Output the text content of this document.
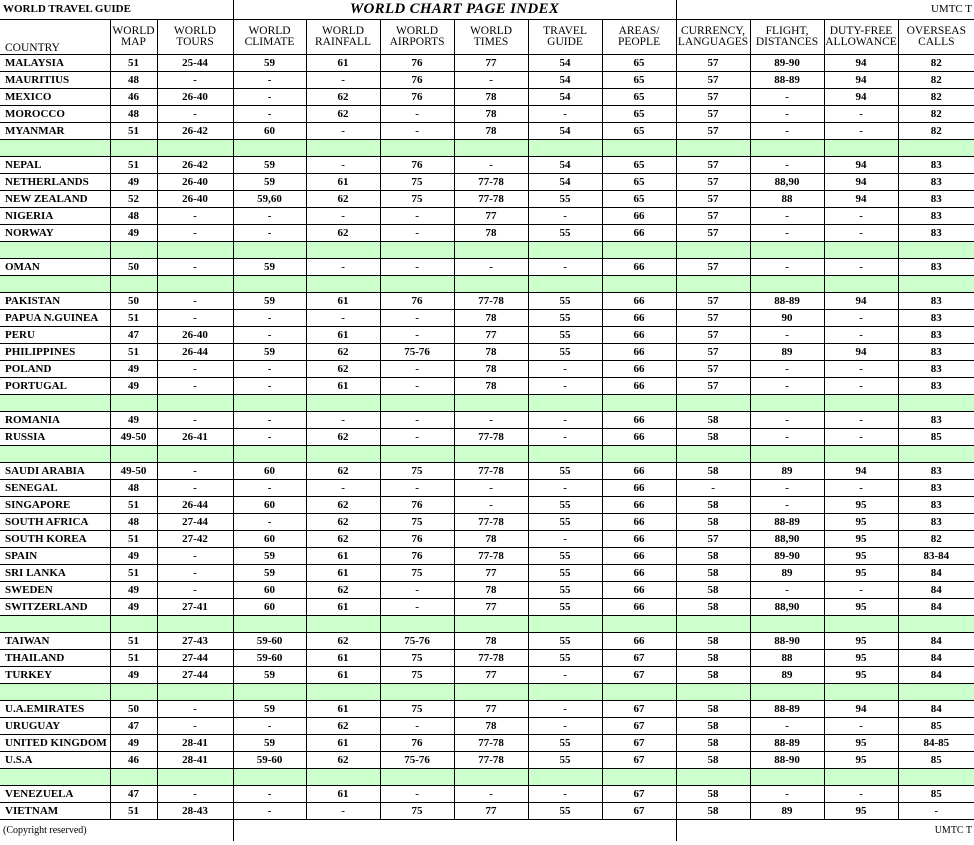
WORLD TRAVEL GUIDE			WORLD CHART PAGE INDEX						UMTC T			
	WORLD	WORLD	WORLD	WORLD	WORLD	WORLD	TRAVEL	AREAS/	CURRENCY,	FLIGHT,	DUTY-FREE	OVERSEAS
COUNTRY	MAP	TOURS	CLIMATE	RAINFALL	AIRPORTS	TIMES	GUIDE	PEOPLE	LANGUAGES	DISTANCES	ALLOWANCE	CALLS
MALAYSIA	51	25-44	59	61	76	77	54	65	57	89-90	94	82
MAURITIUS	48	-	-	-	76	-	54	65	57	88-89	94	82
MEXICO	46	26-40	-	62	76	78	54	65	57	-	94	82
MOROCCO	48	-	-	62	-	78	-	65	57	-	-	82
MYANMAR	51	26-42	60	-	-	78	54	65	57	-	-	82

NEPAL	51	26-42	59	-	76	-	54	65	57	-	94	83
NETHERLANDS	49	26-40	59	61	75	77-78	54	65	57	88,90	94	83
NEW ZEALAND	52	26-40	59,60	62	75	77-78	55	65	57	88	94	83
NIGERIA	48	-	-	-	-	77	-	66	57	-	-	83
NORWAY	49	-	-	62	-	78	55	66	57	-	-	83

OMAN	50	-	59	-	-	-	-	66	57	-	-	83

PAKISTAN	50	-	59	61	76	77-78	55	66	57	88-89	94	83
PAPUA N.GUINEA	51	-	-	-	-	78	55	66	57	90	-	83
PERU	47	26-40	-	61	-	77	55	66	57	-	-	83
PHILIPPINES	51	26-44	59	62	75-76	78	55	66	57	89	94	83
POLAND	49	-	-	62	-	78	-	66	57	-	-	83
PORTUGAL	49	-	-	61	-	78	-	66	57	-	-	83

ROMANIA	49	-	-	-	-	-	-	66	58	-	-	83
RUSSIA	49-50	26-41	-	62	-	77-78	-	66	58	-	-	85

SAUDI ARABIA	49-50	-	60	62	75	77-78	55	66	58	89	94	83
SENEGAL	48	-	-	-	-	-	-	66	-	-	-	83
SINGAPORE	51	26-44	60	62	76	-	55	66	58	-	95	83
SOUTH AFRICA	48	27-44	-	62	75	77-78	55	66	58	88-89	95	83
SOUTH KOREA	51	27-42	60	62	76	78	-	66	57	88,90	95	82
SPAIN	49	-	59	61	76	77-78	55	66	58	89-90	95	83-84
SRI LANKA	51	-	59	61	75	77	55	66	58	89	95	84
SWEDEN	49	-	60	62	-	78	55	66	58	-	-	84
SWITZERLAND	49	27-41	60	61	-	77	55	66	58	88,90	95	84

TAIWAN	51	27-43	59-60	62	75-76	78	55	66	58	88-90	95	84
THAILAND	51	27-44	59-60	61	75	77-78	55	67	58	88	95	84
TURKEY	49	27-44	59	61	75	77	-	67	58	89	95	84

U.A.EMIRATES	50	-	59	61	75	77	-	67	58	88-89	94	84
URUGUAY	47	-	-	62	-	78	-	67	58	-	-	85
UNITED KINGDOM	49	28-41	59	61	76	77-78	55	67	58	88-89	95	84-85
U.S.A	46	28-41	59-60	62	75-76	77-78	55	67	58	88-90	95	85

VENEZUELA	47	-	-	61	-	-	-	67	58	-	-	85
VIETNAM	51	28-43	-	-	75	77	55	67	58	89	95	-
(Copyright reserved)									UMTC T			
